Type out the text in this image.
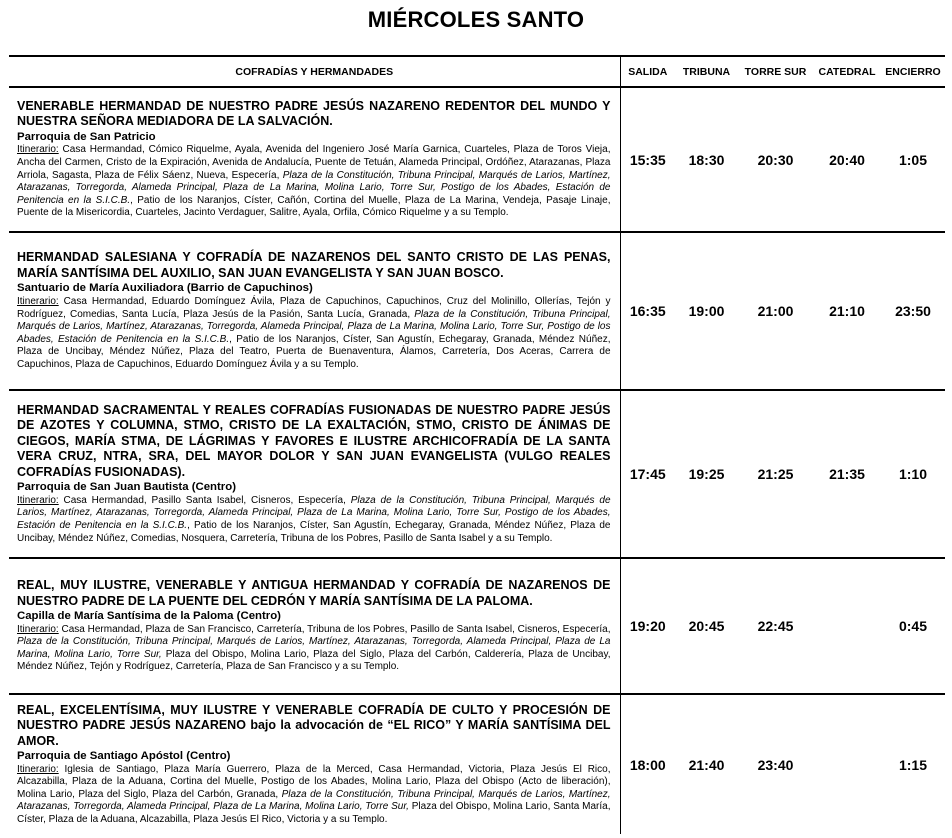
MIÉRCOLES SANTO
COFRADÍAS Y HERMANDADES	SALIDA	TRIBUNA	TORRE SUR	CATEDRAL	ENCIERRO

VENERABLE HERMANDAD DE NUESTRO PADRE JESÚS NAZARENO REDENTOR DEL MUNDO Y NUESTRA SEÑORA MEDIADORA DE LA SALVACIÓN.
Parroquia de San Patricio
Itinerario: Casa Hermandad, Cómico Riquelme, Ayala, Avenida del Ingeniero José María Garnica, Cuarteles, Plaza de Toros Vieja, Ancha del Carmen, Cristo de la Expiración, Avenida de Andalucía, Puente de Tetuán, Alameda Principal, Ordóñez, Atarazanas, Plaza Arriola, Sagasta, Plaza de Félix Sáenz, Nueva, Especería, Plaza de la Constitución, Tribuna Principal, Marqués de Larios, Martínez, Atarazanas, Torregorda, Alameda Principal, Plaza de La Marina, Molina Lario, Torre Sur, Postigo de los Abades, Estación de Penitencia en la S.I.C.B., Patio de los Naranjos, Císter, Cañón, Cortina del Muelle, Plaza de La Marina, Vendeja, Pasaje Linaje, Puente de la Misericordia, Cuarteles, Jacinto Verdaguer, Salitre, Ayala, Orfila, Cómico Riquelme y a su Templo.	15:35	18:30	20:30	20:40	1:05

HERMANDAD SALESIANA Y COFRADÍA DE NAZARENOS DEL SANTO CRISTO DE LAS PENAS, MARÍA SANTÍSIMA DEL AUXILIO, SAN JUAN EVANGELISTA Y SAN JUAN BOSCO.
Santuario de María Auxiliadora (Barrio de Capuchinos)
Itinerario: Casa Hermandad, Eduardo Domínguez Ávila, Plaza de Capuchinos, Capuchinos, Cruz del Molinillo, Ollerías, Tejón y Rodríguez, Comedias, Santa Lucía, Plaza Jesús de la Pasión, Santa Lucía, Granada, Plaza de la Constitución, Tribuna Principal, Marqués de Larios, Martínez, Atarazanas, Torregorda, Alameda Principal, Plaza de La Marina, Molina Lario, Torre Sur, Postigo de los Abades, Estación de Penitencia en la S.I.C.B., Patio de los Naranjos, Císter, San Agustín, Echegaray, Granada, Méndez Núñez, Plaza de Uncibay, Méndez Núñez, Plaza del Teatro, Puerta de Buenaventura, Álamos, Carretería, Dos Aceras, Carrera de Capuchinos, Plaza de Capuchinos, Eduardo Domínguez Ávila y a su Templo.	16:35	19:00	21:00	21:10	23:50

HERMANDAD SACRAMENTAL Y REALES COFRADÍAS FUSIONADAS DE NUESTRO PADRE JESÚS DE AZOTES Y COLUMNA, STMO, CRISTO DE LA EXALTACIÓN, STMO, CRISTO DE ÁNIMAS DE CIEGOS, MARÍA STMA, DE LÁGRIMAS Y FAVORES E ILUSTRE ARCHICOFRADÍA DE LA SANTA VERA CRUZ, NTRA, SRA, DEL MAYOR DOLOR Y SAN JUAN EVANGELISTA (VULGO REALES COFRADÍAS FUSIONADAS).
Parroquia de San Juan Bautista (Centro)
Itinerario: Casa Hermandad, Pasillo Santa Isabel, Cisneros, Especería, Plaza de la Constitución, Tribuna Principal, Marqués de Larios, Martínez, Atarazanas, Torregorda, Alameda Principal, Plaza de La Marina, Molina Lario, Torre Sur, Postigo de los Abades, Estación de Penitencia en la S.I.C.B., Patio de los Naranjos, Císter, San Agustín, Echegaray, Granada, Méndez Núñez, Plaza de Uncibay, Méndez Núñez, Comedias, Nosquera, Carretería, Tribuna de los Pobres, Pasillo de Santa Isabel y a su Templo.	17:45	19:25	21:25	21:35	1:10

REAL, MUY ILUSTRE, VENERABLE Y ANTIGUA HERMANDAD Y COFRADÍA DE NAZARENOS DE NUESTRO PADRE DE LA PUENTE DEL CEDRÓN Y MARÍA SANTÍSIMA DE LA PALOMA.
Capilla de María Santísima de la Paloma (Centro)
Itinerario: Casa Hermandad, Plaza de San Francisco, Carretería, Tribuna de los Pobres, Pasillo de Santa Isabel, Cisneros, Especería, Plaza de la Constitución, Tribuna Principal, Marqués de Larios, Martínez, Atarazanas, Torregorda, Alameda Principal, Plaza de La Marina, Molina Lario, Torre Sur, Plaza del Obispo, Molina Lario, Plaza del Siglo, Plaza del Carbón, Calderería, Plaza de Uncibay, Méndez Núñez, Tejón y Rodríguez, Carretería, Plaza de San Francisco y a su Templo.	19:20	20:45	22:45		0:45

REAL, EXCELENTÍSIMA, MUY ILUSTRE Y VENERABLE COFRADÍA DE CULTO Y PROCESIÓN DE NUESTRO PADRE JESÚS NAZARENO bajo la advocación de “EL RICO” Y MARÍA SANTÍSIMA DEL AMOR.
Parroquia de Santiago Apóstol (Centro)
Itinerario: Iglesia de Santiago, Plaza María Guerrero, Plaza de la Merced, Casa Hermandad, Victoria, Plaza Jesús El Rico, Alcazabilla, Plaza de la Aduana, Cortina del Muelle, Postigo de los Abades, Molina Lario, Plaza del Obispo (Acto de liberación), Molina Lario, Plaza del Siglo, Plaza del Carbón, Granada, Plaza de la Constitución, Tribuna Principal, Marqués de Larios, Martínez, Atarazanas, Torregorda, Alameda Principal, Plaza de La Marina, Molina Lario, Torre Sur, Plaza del Obispo, Molina Lario, Santa María, Císter, Plaza de la Aduana, Alcazabilla, Plaza Jesús El Rico, Victoria y a su Templo.	18:00	21:40	23:40		1:15
